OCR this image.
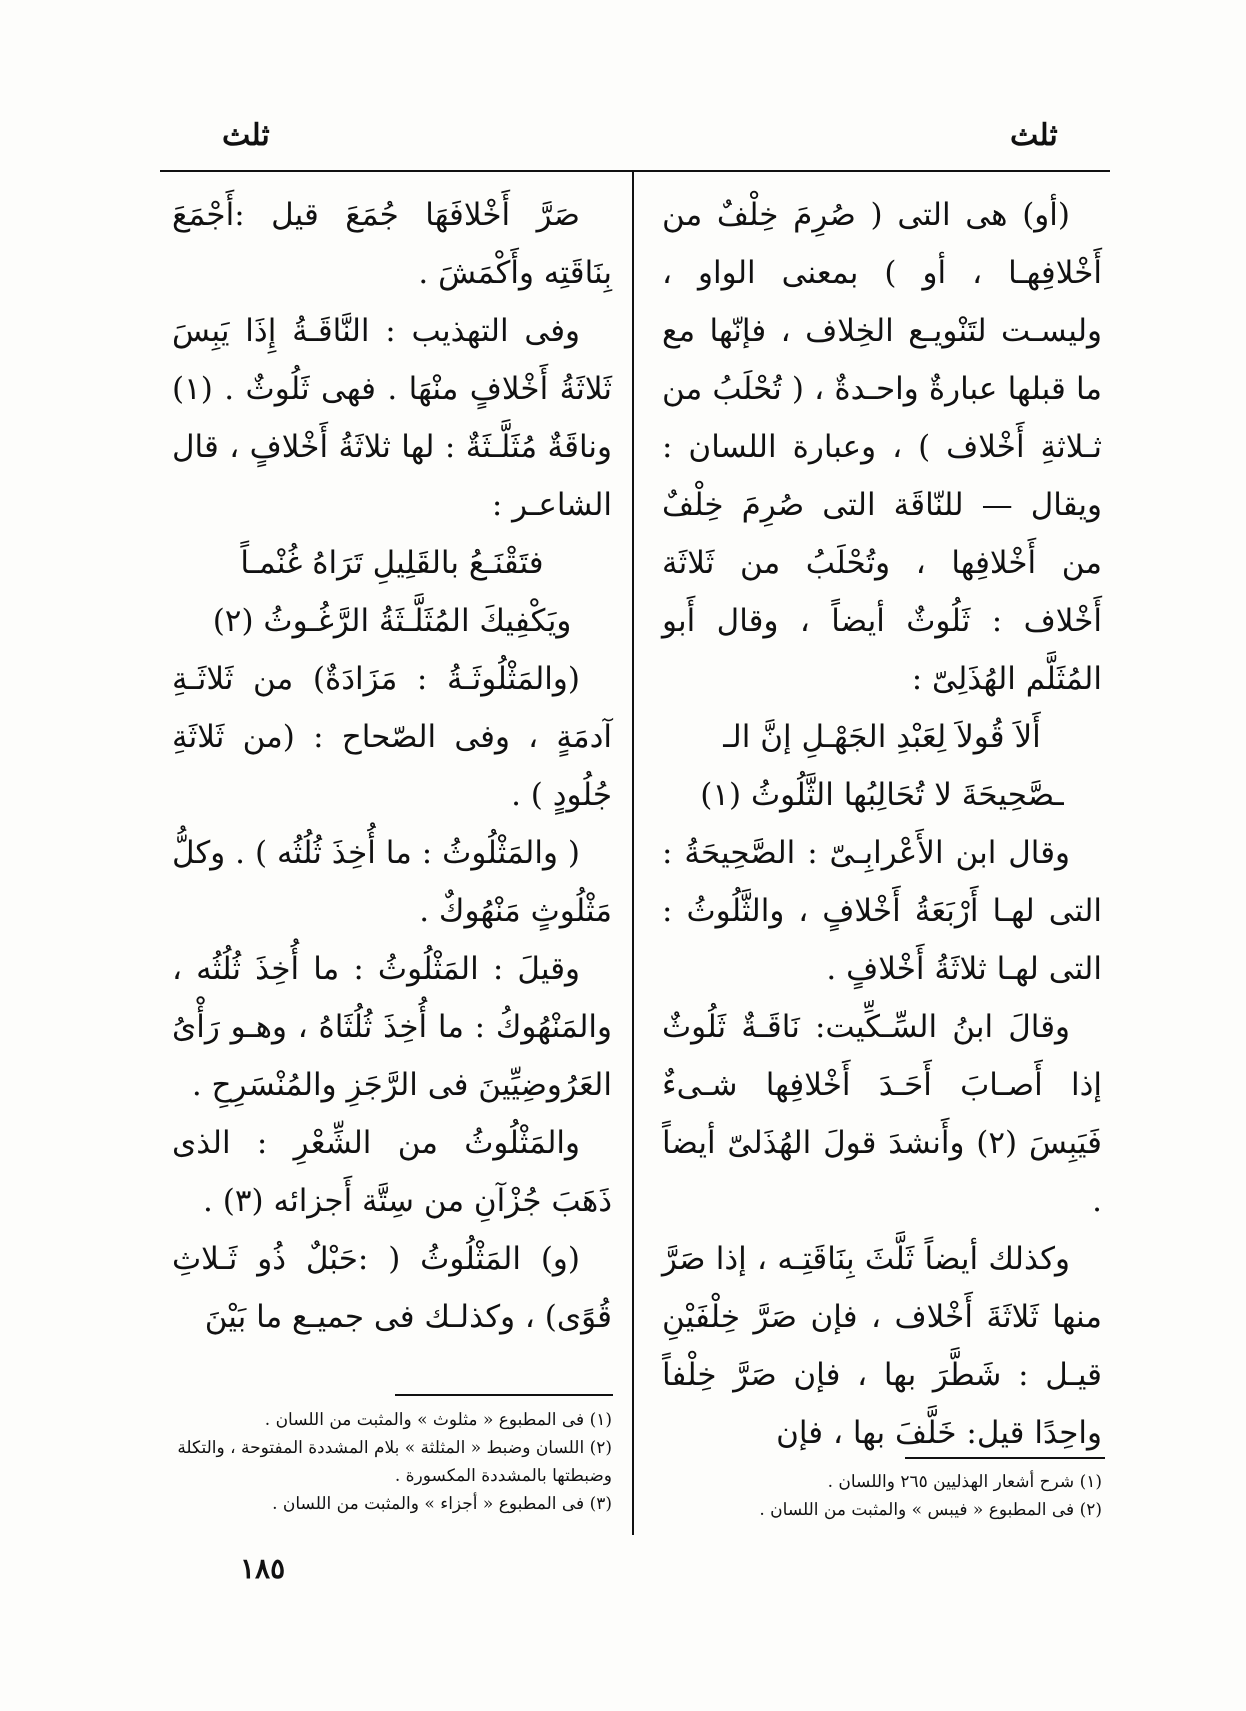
ثلث
ثلث

(أو) هى التى ( صُرِمَ خِلْفٌ من أَخْلافِهـا ، أو ) بمعنى الواو ، وليسـت لتَنْويـع الخِلاف ، فإنّها مع ما قبلها عبارةٌ واحـدةٌ ، ( تُحْلَبُ من ثـلاثةِ أَخْلاف ) ، وعبارة اللسان : ويقال — للنّاقَة التى صُرِمَ خِلْفٌ من أَخْلافِها ، وتُحْلَبُ من ثَلاثَة أَخْلاف : ثَلُوثٌ أيضاً ، وقال أَبو المُثَلَّم الهُذَلِىّ :

أَلاَ قُولاَ لِعَبْدِ الجَهْـلِ إنَّ الـ

ـصَّحِيحَةَ لا تُحَالِبُها الثَّلُوثُ (١)

وقال ابن الأَعْرابِـىّ : الصَّحِيحَةُ : التى لهـا أَرْبَعَةُ أَخْلافٍ ، والثَّلُوثُ : التى لهـا ثلاثَةُ أَخْلافٍ .

وقالَ ابنُ السِّـكِّيت: نَاقَـةٌ ثَلُوثٌ إذا أَصـابَ أَحَـدَ أَخْلافِها شـىءٌ فَيَبِسَ (٢) وأَنشدَ قولَ الهُذَلىّ أيضاً .

وكذلك أيضاً ثَلَّثَ بِنَاقَتِـه ، إذا صَرَّ منها ثَلاثَةَ أَخْلاف ، فإن صَرَّ خِلْفَيْنِ قيـل : شَطَّرَ بها ، فإن صَرَّ خِلْفاً واحِدًا قيل: خَلَّفَ بها ، فإن

صَرَّ أَخْلافَهَا جُمَعَ قيل :أَجْمَعَ بِنَاقَتِه وأَكْمَشَ .

وفى التهذيب : النَّاقَـةُ إِذَا يَبِسَ ثَلاثَةُ أَخْلافٍ منْهَا . فهى ثَلُوثٌ . (١) وناقَةٌ مُثَلَّـثَةٌ : لها ثلاثَةُ أَخْلافٍ ، قال الشاعـر :

فتَقْنَـعُ بالقَلِيلِ تَرَاهُ غُنْمـاً

ويَكْفِيكَ المُثَلَّـثَةُ الرَّغُـوثُ (٢)

(والمَثْلُوثَـةُ : مَزَادَةٌ) من ثَلاثَـةِ آدمَةٍ ، وفى الصّحاح : (من ثَلاثَةِ جُلُودٍ ) .

( والمَثْلُوثُ : ما أُخِذَ ثُلُثُه ) . وكلُّ مَثْلُوثٍ مَنْهُوكٌ .

وقيلَ : المَثْلُوثُ : ما أُخِذَ ثُلُثُه ، والمَنْهُوكُ : ما أُخِذَ ثُلُثَاهُ ، وهـو رَأْىُ العَرُوضِيِّينَ فى الرَّجَزِ والمُنْسَرِحِ .

والمَثْلُوثُ من الشِّعْرِ : الذى ذَهَبَ جُزْآنِ من سِتَّة أَجزائه (٣) .

(و) المَثْلُوثُ ( :حَبْلٌ ذُو ثَـلاثِ قُوًى) ، وكذلـك فى جميـع ما بَيْنَ

(١) شرح أشعار الهذليين ٢٦٥ واللسان .

(٢) فى المطبوع « فيبس » والمثبت من اللسان .

(١) فى المطبوع « مثلوث » والمثبت من اللسان .

(٢) اللسان وضبط « المثلثة » بلام المشددة المفتوحة ، والتكلة وضبطتها بالمشددة المكسورة .

(٣) فى المطبوع « أجزاء » والمثبت من اللسان .

١٨٥
